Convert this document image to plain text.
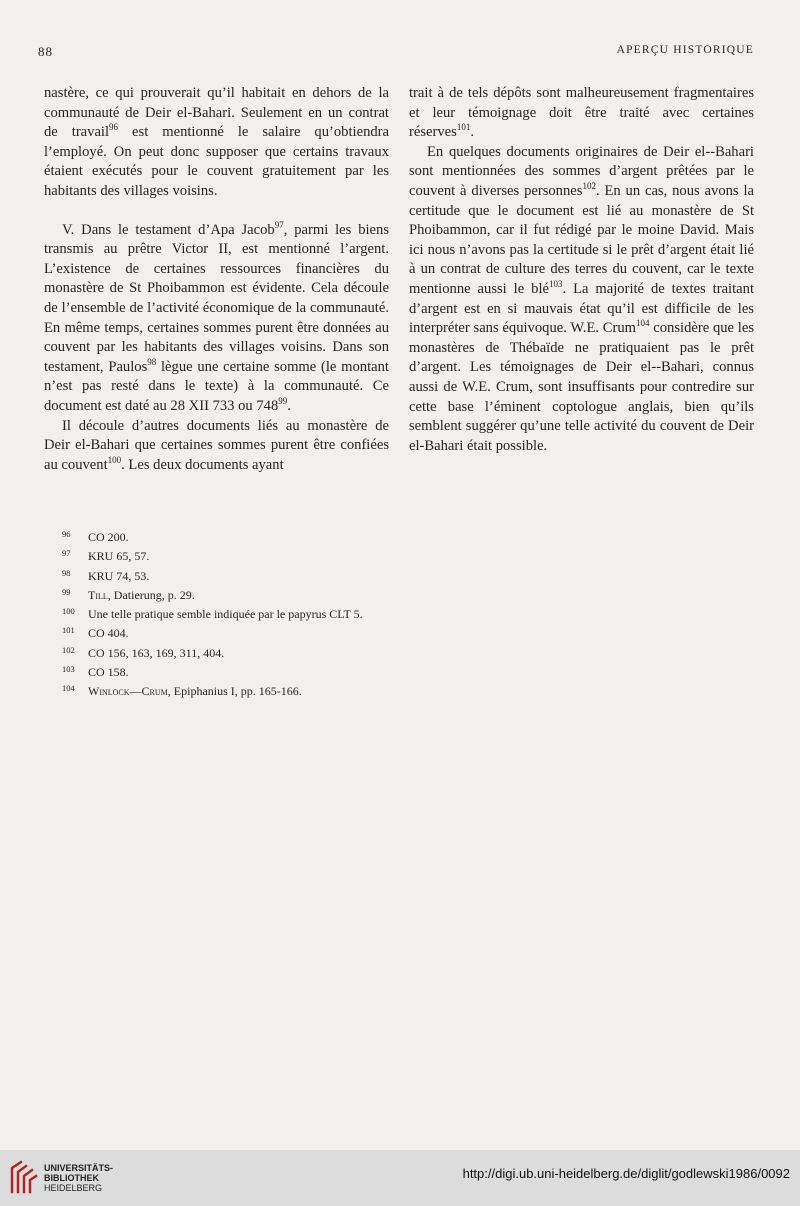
88	APERÇU HISTORIQUE

nastère, ce qui prouverait qu’il habitait en dehors de la communauté de Deir el-Bahari. Seulement en un contrat de travail$^{96}$ est mentionné le salaire qu’obtiendra l’employé. On peut donc supposer que certains travaux étaient exécutés pour le couvent gratuitement par les habitants des villages voisins.

V. Dans le testament d’Apa Jacob$^{97}$, parmi les biens transmis au prêtre Victor II, est mentionné l’argent. L’existence de certaines ressources financières du monastère de St Phoibammon est évidente. Cela découle de l’ensemble de l’activité économique de la communauté. En même temps, certaines sommes purent être données au couvent par les habitants des villages voisins. Dans son testament, Paulos$^{98}$ lègue une certaine somme (le montant n’est pas resté dans le texte) à la communauté. Ce document est daté au 28 XII 733 ou $748^{99}$.

Il découle d’autres documents liés au monastère de Deir el-Bahari que certaines sommes purent être confiées au couvent$^{100}$. Les deux documents ayant

trait à de tels dépôts sont malheureusement fragmentaires et leur témoignage doit être traité avec certaines réserves$^{101}$.

En quelques documents originaires de Deir el--Bahari sont mentionnées des sommes d’argent prêtées par le couvent à diverses personnes$^{102}$. En un cas, nous avons la certitude que le document est lié au monastère de St Phoibammon, car il fut rédigé par le moine David. Mais ici nous n’avons pas la certitude si le prêt d’argent était lié à un contrat de culture des terres du couvent, car le texte mentionne aussi le blé$^{103}$. La majorité de textes traitant d’argent est en si mauvais état qu’il est difficile de les interpréter sans équivoque. W.E. Crum$^{104}$ considère que les monastères de Thébaïde ne pratiquaient pas le prêt d’argent. Les témoignages de Deir el--Bahari, connus aussi de W.E. Crum, sont insuffisants pour contredire sur cette base l’éminent coptologue anglais, bien qu’ils semblent suggérer qu’une telle activité du couvent de Deir el-Bahari était possible.

96 CO 200.
97 KRU 65, 57.
98 KRU 74, 53.
99 Till, Datierung, p. 29.
100 Une telle pratique semble indiquée par le papyrus CLT 5.
101 CO 404.
102 CO 156, 163, 169, 311, 404.
103 CO 158.
104 Winlock—Crum, Epiphanius I, pp. 165-166.
UNIVERSITÄTS-
BIBLIOTHEK
HEIDELBERG
http://digi.ub.uni-heidelberg.de/diglit/godlewski1986/0092
